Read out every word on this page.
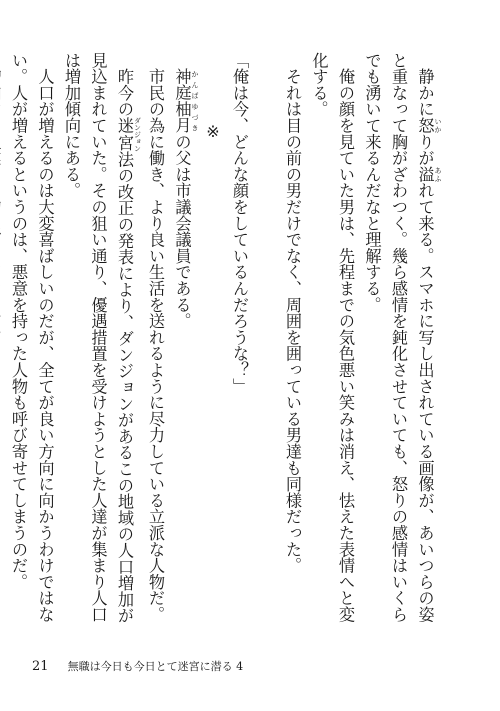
　静かに怒 いかりが溢 あふれて来る。スマホに写し出されている画像が、あいつらの姿と重なって胸がざわつく。幾ら感情を鈍化させていても、怒りの感情はいくらでも湧いて来るんだなと理解する。
　俺の顔を見ていた男は、先程までの気色悪い笑みは消え、怯えた表情へと変化する。
　それは目の前の男だけでなく、周囲を囲っている男達も同様だった。

「俺は今、どんな顔をしているんだろうな？」
※
　神庭柚月 かんばゆづきの父は市議会議員である。
　市民の為に働き、より良い生活を送れるように尽力している立派な人物だ。
　昨今の迷宮 ダンジョン法の改正の発表により、ダンジョンがあるこの地域の人口増加が見込まれていた。その狙い通り、優遇措置を受けようとした人達が集まり人口は増加傾向にある。
　人口が増えるのは大変喜ばしいのだが、全てが良い方向に向かうわけではない。人が増えるというのは、悪意を持った人物も呼び寄せてしまうのだ。
21 無職は今日も今日とて迷宮に潜る 4
